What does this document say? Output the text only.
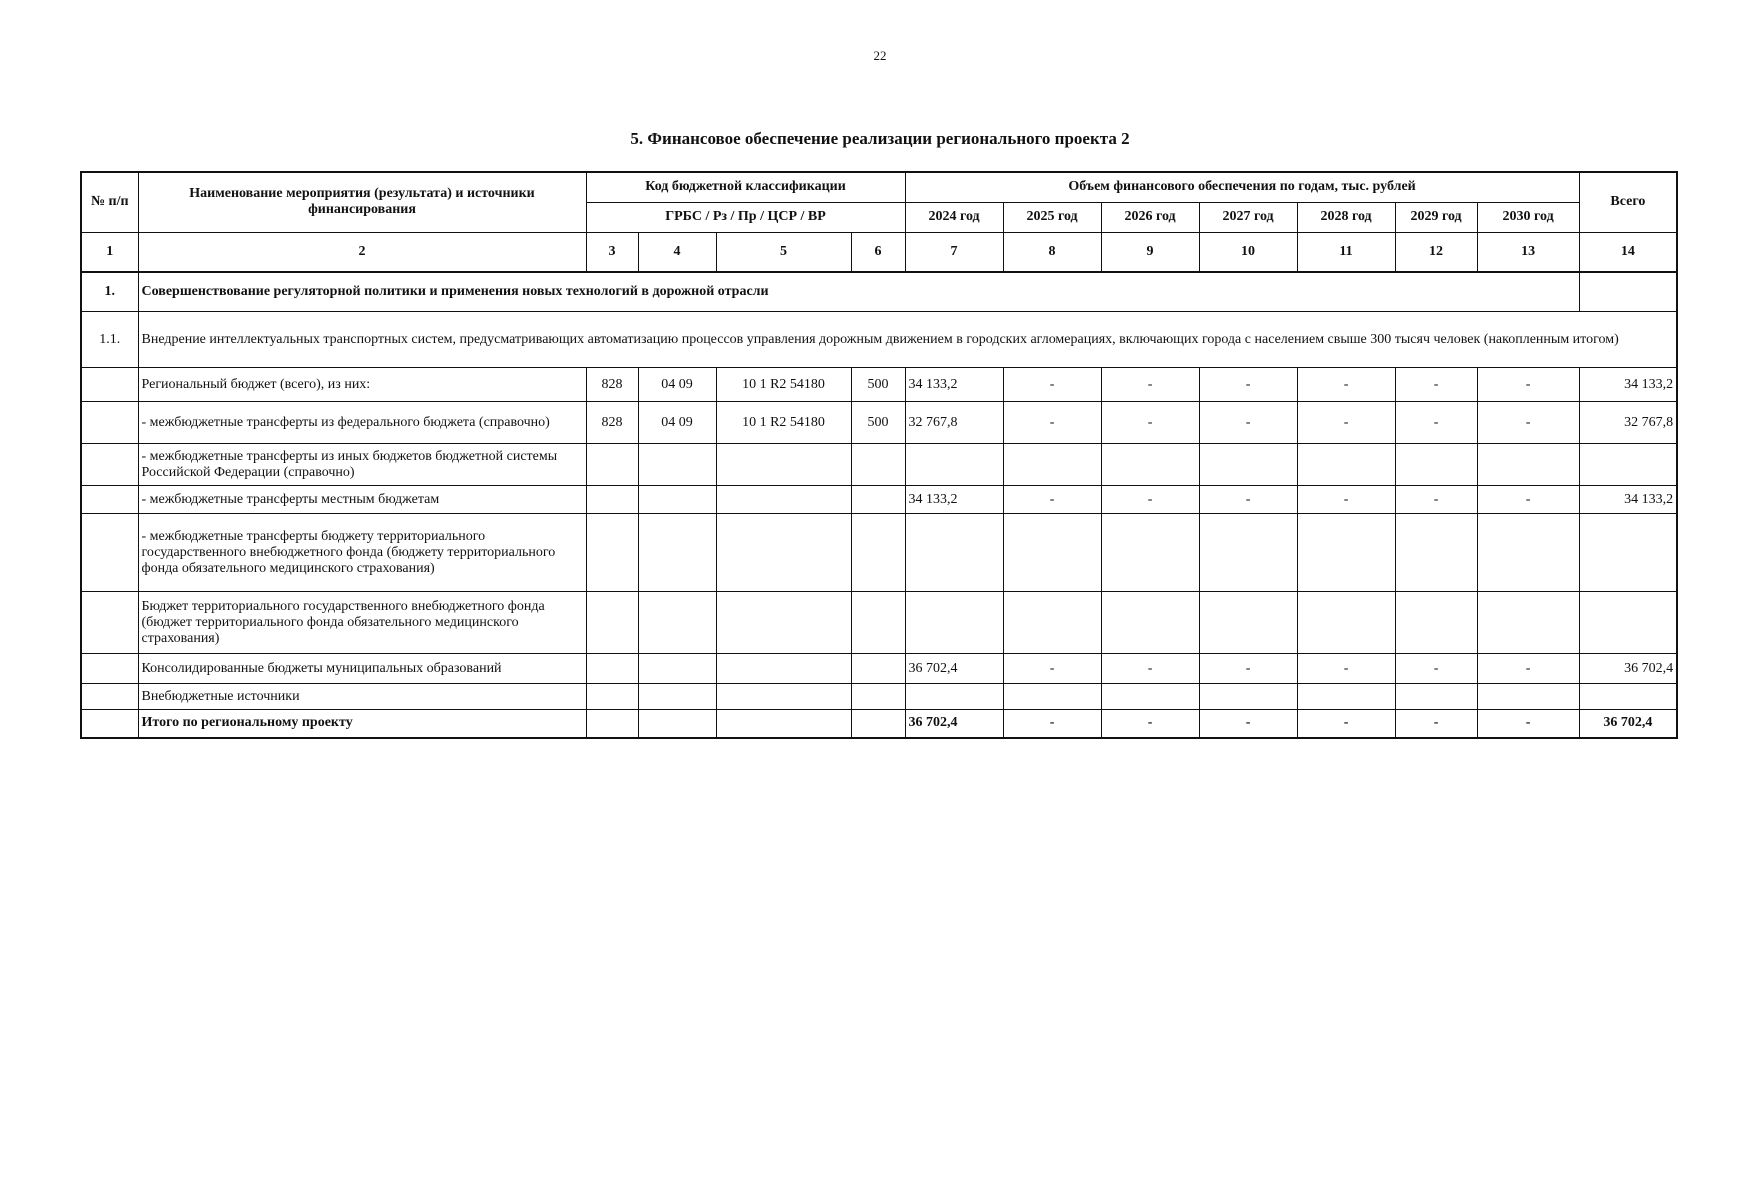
22
5. Финансовое обеспечение реализации регионального проекта 2
№ п/п	Наименование мероприятия (результата) и источники финансирования	Код бюджетной классификации				Объем финансового обеспечения по годам, тыс. рублей							Всего
		ГРБС / Рз / Пр / ЦСР / ВР				2024 год	2025 год	2026 год	2027 год	2028 год	2029 год	2030 год	
1	2	3	4	5	6	7	8	9	10	11	12	13	14
1.	Совершенствование регуляторной политики и применения новых технологий в дорожной отрасли												
1.1.	Внедрение интеллектуальных транспортных систем, предусматривающих автоматизацию процессов управления дорожным движением в городских агломерациях, включающих города с населением свыше 300 тысяч человек (накопленным итогом)												
	Региональный бюджет (всего), из них:	828	04 09	10 1 R2 54180	500	34 133,2	-	-	-	-	-	-	34 133,2
	- межбюджетные трансферты из федерального бюджета (справочно)	828	04 09	10 1 R2 54180	500	32 767,8	-	-	-	-	-	-	32 767,8
	- межбюджетные трансферты из иных бюджетов бюджетной системы Российской Федерации (справочно)												
	- межбюджетные трансферты местным бюджетам					34 133,2	-	-	-	-	-	-	34 133,2
	- межбюджетные трансферты бюджету территориального государственного внебюджетного фонда (бюджету территориального фонда обязательного медицинского страхования)												
	Бюджет территориального государственного внебюджетного фонда (бюджет территориального фонда обязательного медицинского страхования)												
	Консолидированные бюджеты муниципальных образований					36 702,4	-	-	-	-	-	-	36 702,4
	Внебюджетные источники												
	Итого по региональному проекту					36 702,4	-	-	-	-	-	-	36 702,4
